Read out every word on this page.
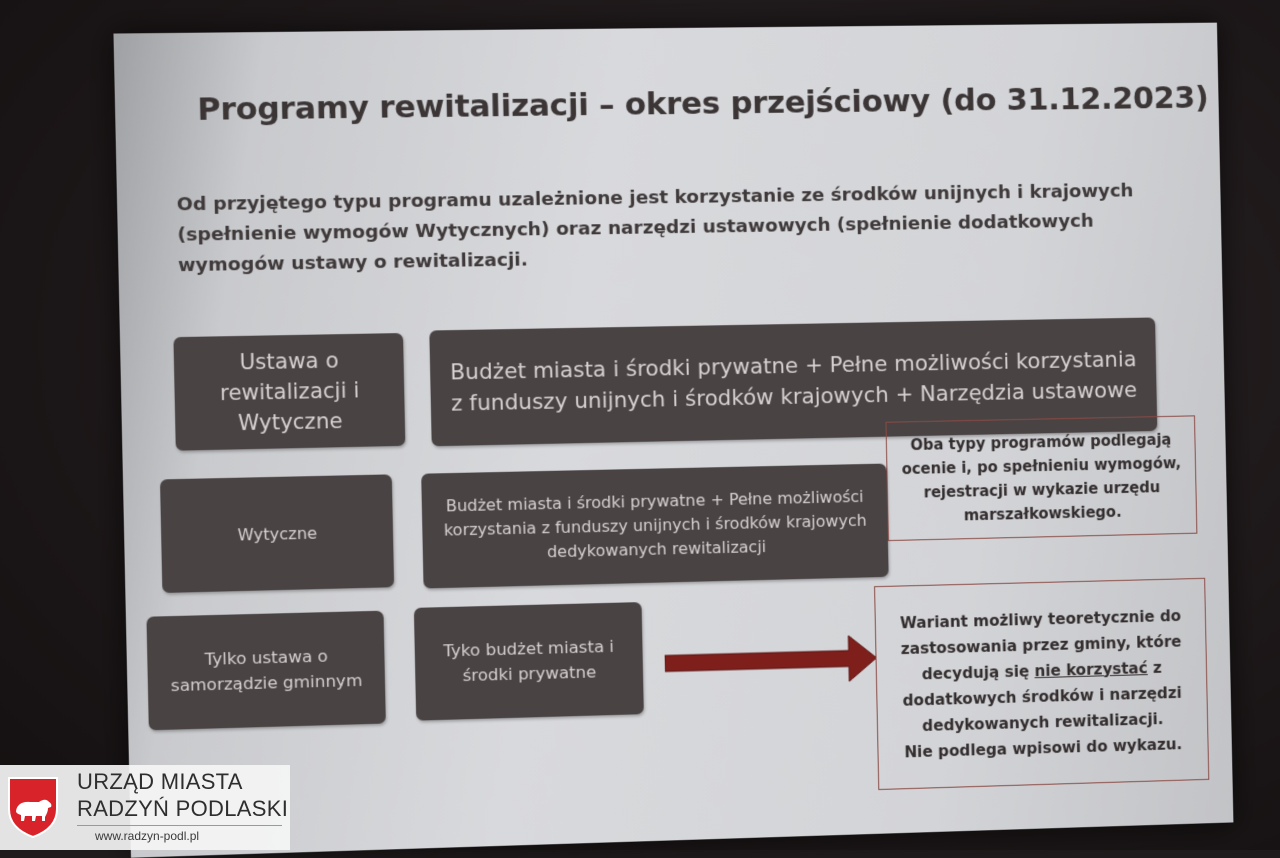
Programy rewitalizacji – okres przejściowy (do 31.12.2023)

Od przyjętego typu programu uzależnione jest korzystanie ze środków unijnych i krajowych (spełnienie wymogów Wytycznych) oraz narzędzi ustawowych (spełnienie dodatkowych wymogów ustawy o rewitalizacji.

Ustawa o rewitalizacji i Wytyczne
Budżet miasta i środki prywatne + Pełne możliwości korzystania z funduszy unijnych i środków krajowych + Narzędzia ustawowe
Wytyczne
Budżet miasta i środki prywatne + Pełne możliwości korzystania z funduszy unijnych i środków krajowych dedykowanych rewitalizacji
Tylko ustawa o samorządzie gminnym
Tyko budżet miasta i środki prywatne
Oba typy programów podlegają ocenie i, po spełnieniu wymogów, rejestracji w wykazie urzędu marszałkowskiego.
Wariant możliwy teoretycznie do zastosowania przez gminy, które decydują się nie korzystać z dodatkowych środków i narzędzi dedykowanych rewitalizacji.
Nie podlega wpisowi do wykazu.
URZĄD MIASTA
RADZYŃ PODLASKI
www.radzyn-podl.pl
